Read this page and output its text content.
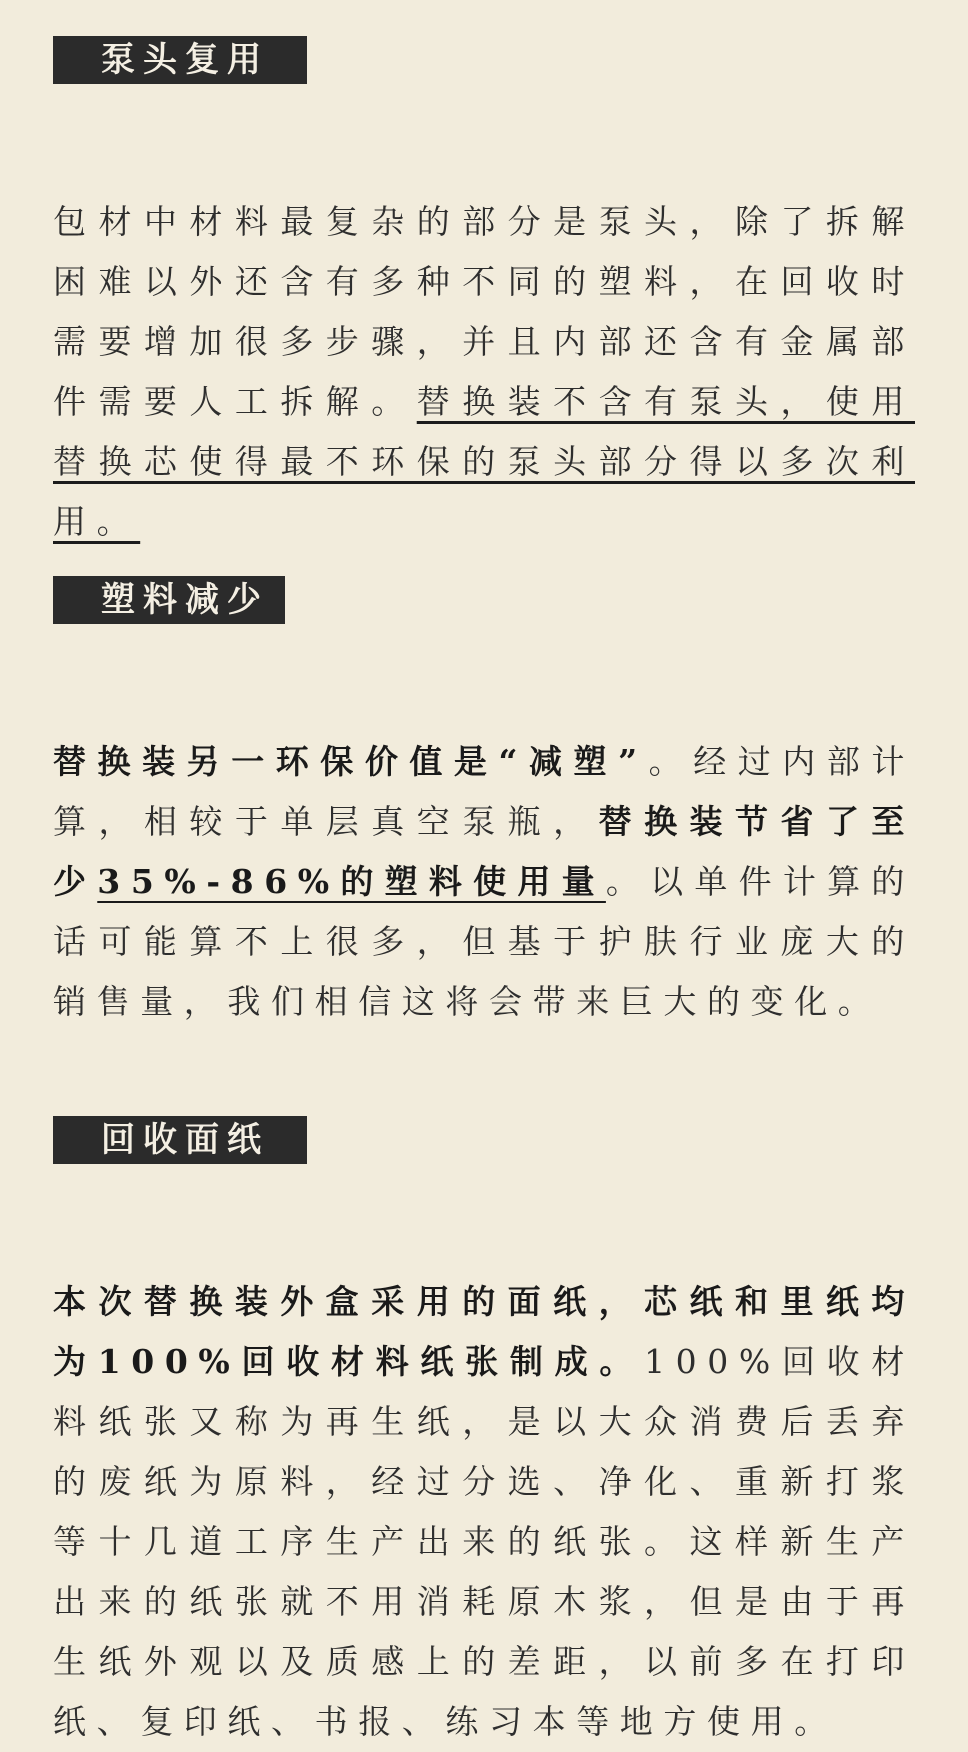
泵头复用

包材中材料最复杂的部分是泵头，除了拆解困难以外还含有多种不同的塑料，在回收时需要增加很多步骤，并且内部还含有金属部件需要人工拆解。替换装不含有泵头，使用替换芯使得最不环保的泵头部分得以多次利用。

塑料减少

替换装另一环保价值是“减塑”。经过内部计算，相较于单层真空泵瓶，替换装节省了至少35%-86%的塑料使用量。以单件计算的话可能算不上很多，但基于护肤行业庞大的销售量，我们相信这将会带来巨大的变化。

回收面纸

本次替换装外盒采用的面纸，芯纸和里纸均为100%回收材料纸张制成。100%回收材料纸张又称为再生纸，是以大众消费后丢弃的废纸为原料，经过分选、净化、重新打浆等十几道工序生产出来的纸张。这样新生产出来的纸张就不用消耗原木浆，但是由于再生纸外观以及质感上的差距，以前多在打印纸、复印纸、书报、练习本等地方使用。
